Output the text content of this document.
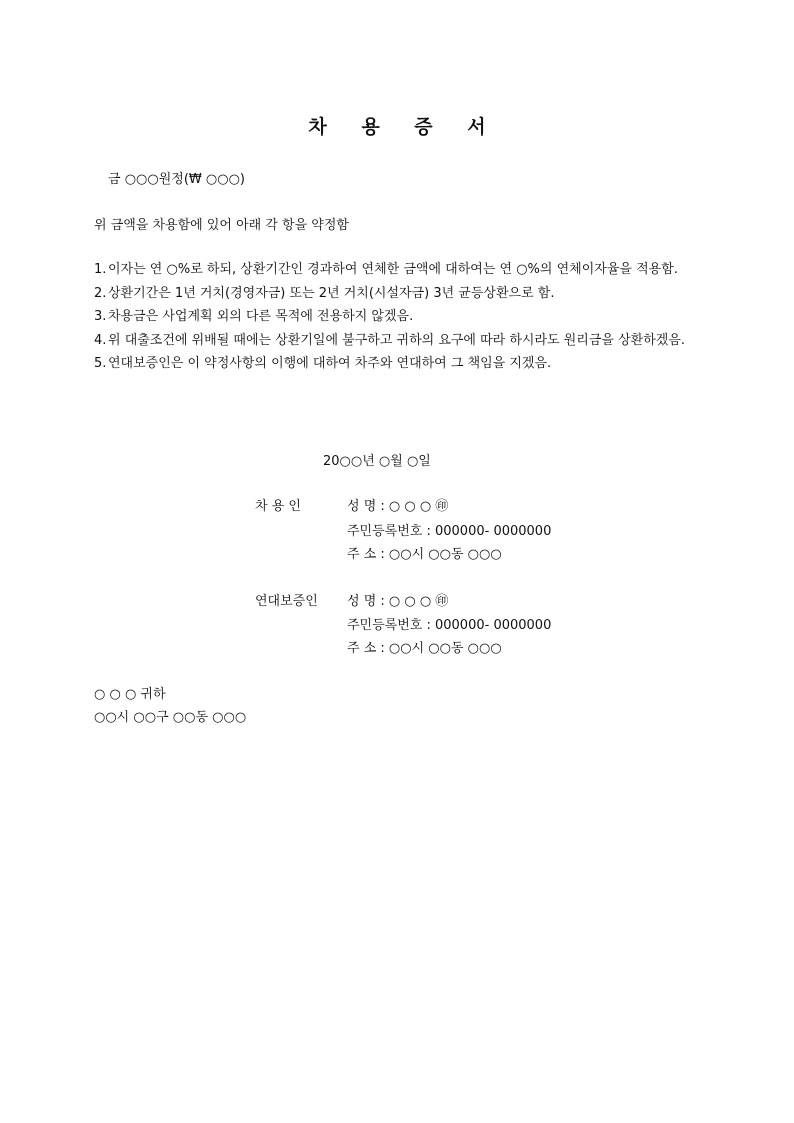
차 용 증 서
금 ○○○원정(₩ ○○○)
위 금액을 차용함에 있어 아래 각 항을 약정함
1. 이자는 연 ○%로 하되, 상환기간인 경과하여 연체한 금액에 대하여는 연 ○%의 연체이자율을 적용함.
2. 상환기간은 1년 거치(경영자금) 또는 2년 거치(시설자금) 3년 균등상환으로 함.
3. 차용금은 사업계획 외의 다른 목적에 전용하지 않겠음.
4. 위 대출조건에 위배될 때에는 상환기일에 불구하고 귀하의 요구에 따라 하시라도 원리금을 상환하겠음.
5. 연대보증인은 이 약정사항의 이행에 대하여 차주와 연대하여 그 책임을 지겠음.
20○○년 ○월 ○일
차 용 인	성 명 : ○ ○ ○ ㊞
주민등록번호 : 000000- 0000000
주 소 : ○○시 ○○동 ○○○
연대보증인 성 명 : ○ ○ ○ ㊞
주민등록번호 : 000000- 0000000
주 소 : ○○시 ○○동 ○○○
○ ○ ○ 귀하
○○시 ○○구 ○○동 ○○○
